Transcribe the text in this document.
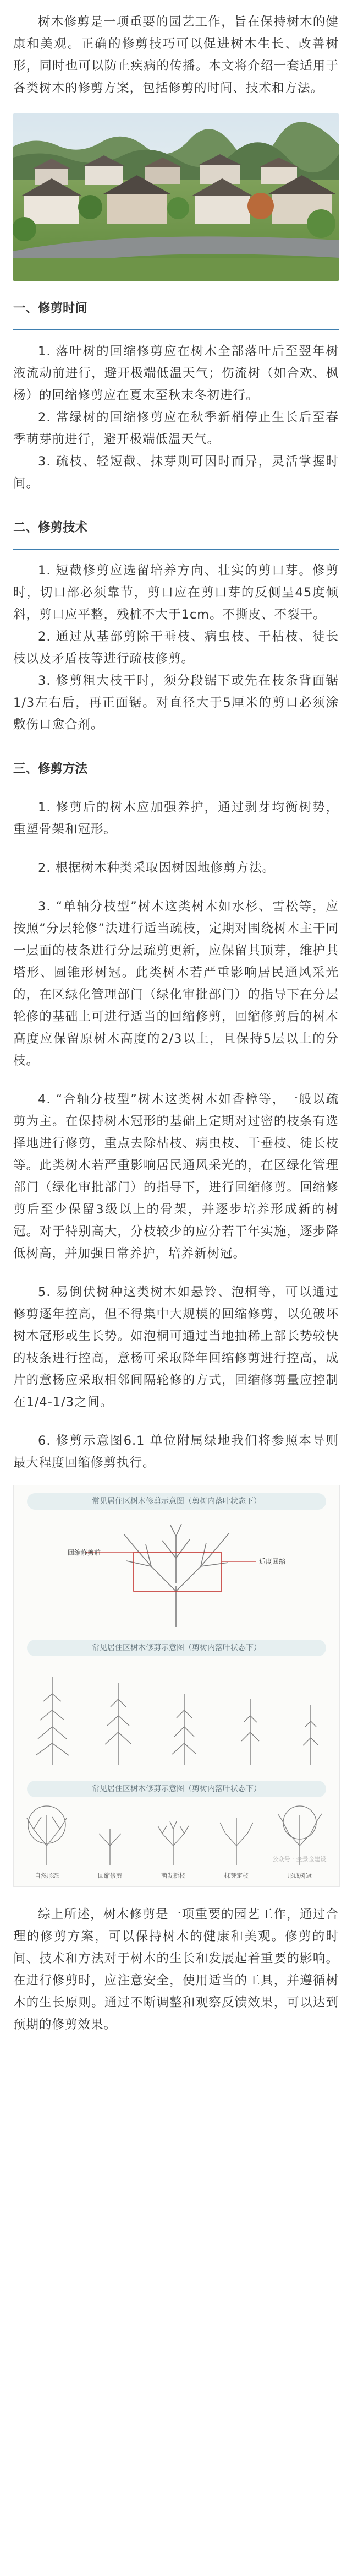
树木修剪是一项重要的园艺工作，旨在保持树木的健康和美观。正确的修剪技巧可以促进树木生长、改善树形，同时也可以防止疾病的传播。本文将介绍一套适用于各类树木的修剪方案，包括修剪的时间、技术和方法。

一、修剪时间

1. 落叶树的回缩修剪应在树木全部落叶后至翌年树液流动前进行，避开极端低温天气；伤流树（如合欢、枫杨）的回缩修剪应在夏末至秋末冬初进行。

2. 常绿树的回缩修剪应在秋季新梢停止生长后至春季萌芽前进行，避开极端低温天气。

3. 疏枝、轻短截、抹芽则可因时而异，灵活掌握时间。

二、修剪技术

1. 短截修剪应选留培养方向、壮实的剪口芽。修剪时，切口部必须靠节，剪口应在剪口芽的反侧呈45度倾斜，剪口应平整，残桩不大于1cm。不撕皮、不裂干。

2. 通过从基部剪除干垂枝、病虫枝、干枯枝、徒长枝以及矛盾枝等进行疏枝修剪。

3. 修剪粗大枝干时，须分段锯下或先在枝条背面锯1/3左右后，再正面锯。对直径大于5厘米的剪口必须涂敷伤口愈合剂。

三、修剪方法

1. 修剪后的树木应加强养护，通过剥芽均衡树势，重塑骨架和冠形。

2. 根据树木种类采取因树因地修剪方法。

3. “单轴分枝型”树木这类树木如水杉、雪松等，应按照“分层轮修”法进行适当疏枝，定期对围绕树木主干同一层面的枝条进行分层疏剪更新，应保留其顶芽，维护其塔形、圆锥形树冠。此类树木若严重影响居民通风采光的，在区绿化管理部门（绿化审批部门）的指导下在分层轮修的基础上可进行适当的回缩修剪，回缩修剪后的树木高度应保留原树木高度的2/3以上，且保持5层以上的分枝。

4. “合轴分枝型”树木这类树木如香樟等，一般以疏剪为主。在保持树木冠形的基础上定期对过密的枝条有选择地进行修剪，重点去除枯枝、病虫枝、干垂枝、徒长枝等。此类树木若严重影响居民通风采光的，在区绿化管理部门（绿化审批部门）的指导下，进行回缩修剪。回缩修剪后至少保留3级以上的骨架，并逐步培养形成新的树冠。对于特别高大，分枝较少的应分若干年实施，逐步降低树高，并加强日常养护，培养新树冠。

5. 易倒伏树种这类树木如悬铃、泡桐等，可以通过修剪逐年控高，但不得集中大规模的回缩修剪，以免破坏树木冠形或生长势。如泡桐可通过当地抽稀上部长势较快的枝条进行控高，意杨可采取降年回缩修剪进行控高，成片的意杨应采取相邻间隔轮修的方式，回缩修剪量应控制在1/4-1/3之间。

6. 修剪示意图6.1 单位附属绿地我们将参照本导则最大程度回缩修剪执行。

常见居住区树木修剪示意图（剪树内落叶状态下）
回缩修剪前
适度回缩
常见居住区树木修剪示意图（剪树内落叶状态下）
常见居住区树木修剪示意图（剪树内落叶状态下）
自然形态	回缩修剪	萌发新枝	抹芽定枝	形成树冠
公众号 · 全景金建设

综上所述，树木修剪是一项重要的园艺工作，通过合理的修剪方案，可以保持树木的健康和美观。修剪的时间、技术和方法对于树木的生长和发展起着重要的影响。在进行修剪时，应注意安全，使用适当的工具，并遵循树木的生长原则。通过不断调整和观察反馈效果，可以达到预期的修剪效果。
